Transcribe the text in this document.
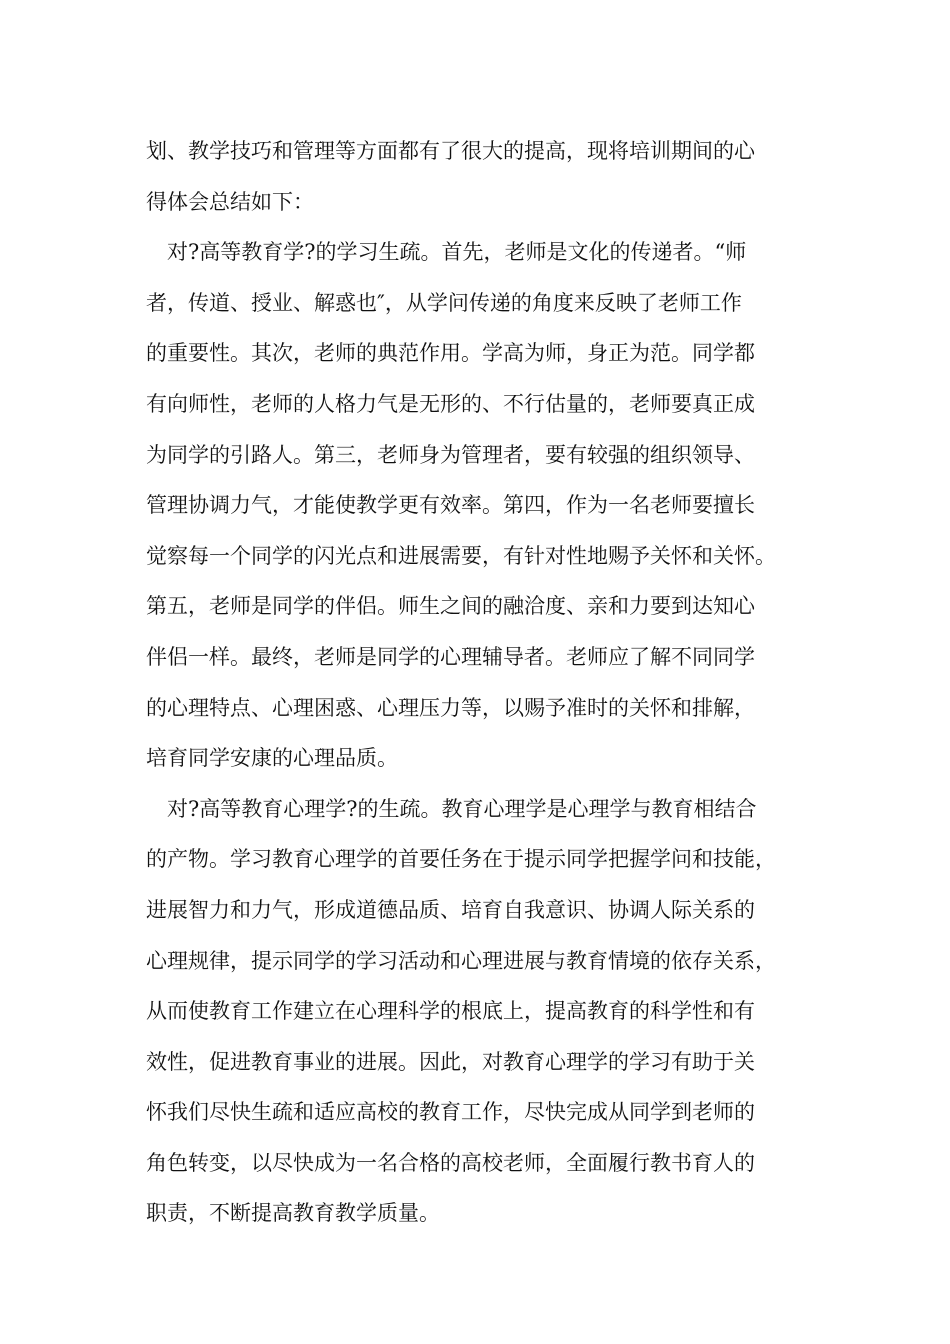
划、教学技巧和管理等方面都有了很大的提高，现将培训期间的心

得体会总结如下：

对?高等教育学?的学习生疏。首先，老师是文化的传递者。“师

者，传道、授业、解惑也″，从学问传递的角度来反映了老师工作

的重要性。其次，老师的典范作用。学高为师，身正为范。同学都

有向师性，老师的人格力气是无形的、不行估量的，老师要真正成

为同学的引路人。第三，老师身为管理者，要有较强的组织领导、

管理协调力气，才能使教学更有效率。第四，作为一名老师要擅长

觉察每一个同学的闪光点和进展需要，有针对性地赐予关怀和关怀。

第五，老师是同学的伴侣。师生之间的融洽度、亲和力要到达知心

伴侣一样。最终，老师是同学的心理辅导者。老师应了解不同同学

的心理特点、心理困惑、心理压力等，以赐予准时的关怀和排解，

培育同学安康的心理品质。

对?高等教育心理学?的生疏。教育心理学是心理学与教育相结合

的产物。学习教育心理学的首要任务在于提示同学把握学问和技能，

进展智力和力气，形成道德品质、培育自我意识、协调人际关系的

心理规律，提示同学的学习活动和心理进展与教育情境的依存关系，

从而使教育工作建立在心理科学的根底上，提高教育的科学性和有

效性，促进教育事业的进展。因此，对教育心理学的学习有助于关

怀我们尽快生疏和适应高校的教育工作，尽快完成从同学到老师的

角色转变，以尽快成为一名合格的高校老师，全面履行教书育人的

职责，不断提高教育教学质量。
